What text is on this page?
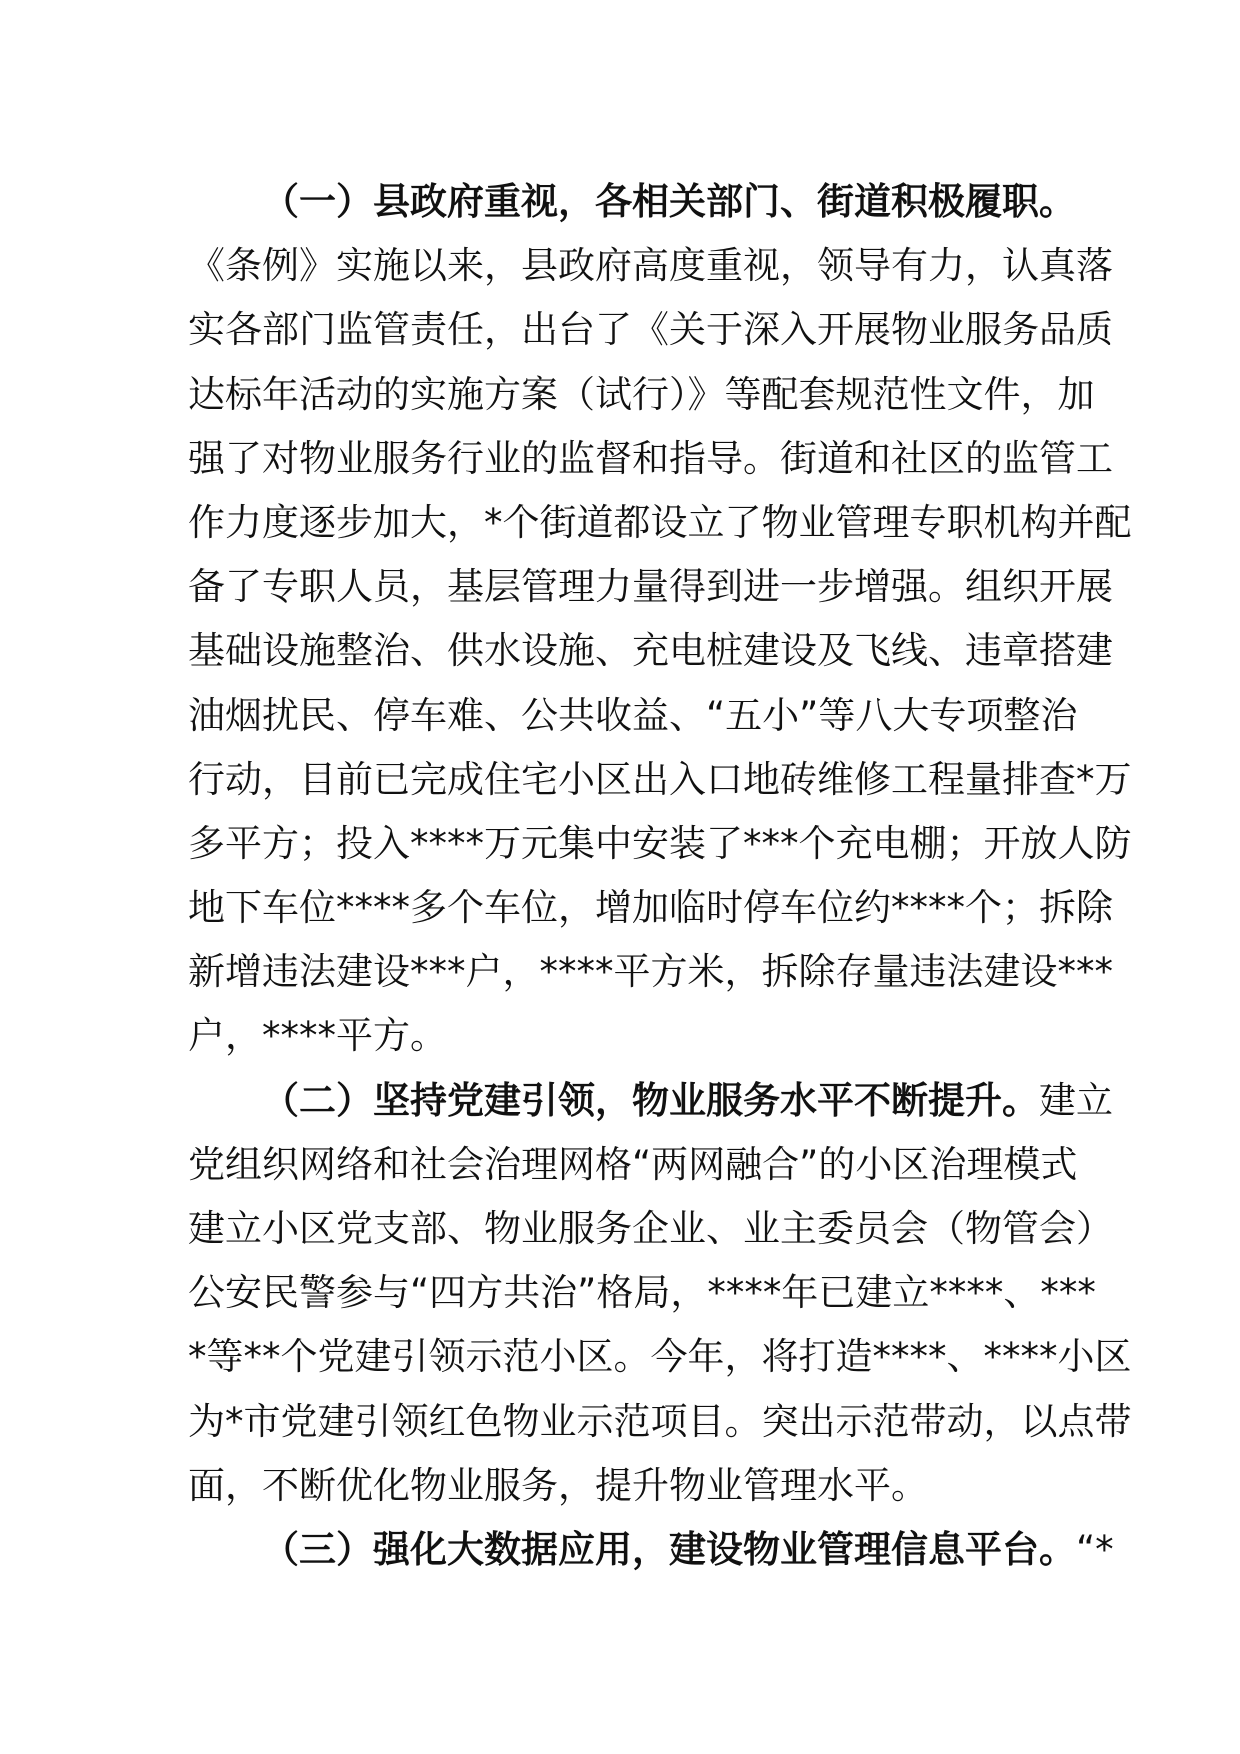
（一）县政府重视，各相关部门、街道积极履职。
《条例》实施以来，县政府高度重视，领导有力，认真落
实各部门监管责任，出台了《关于深入开展物业服务品质
达标年活动的实施方案（试行）》等配套规范性文件，加
强了对物业服务行业的监督和指导。街道和社区的监管工
作力度逐步加大，*个街道都设立了物业管理专职机构并配
备了专职人员，基层管理力量得到进一步增强。组织开展
基础设施整治、供水设施、充电桩建设及飞线、违章搭建
油烟扰民、停车难、公共收益、“五小”等八大专项整治
行动，目前已完成住宅小区出入口地砖维修工程量排查*万
多平方；投入****万元集中安装了***个充电棚；开放人防
地下车位****多个车位，增加临时停车位约****个；拆除
新增违法建设***户，****平方米，拆除存量违法建设***
户，****平方。
（二）坚持党建引领，物业服务水平不断提升。建立
党组织网络和社会治理网格“两网融合”的小区治理模式
建立小区党支部、物业服务企业、业主委员会（物管会）
公安民警参与“四方共治”格局，****年已建立****、***
*等**个党建引领示范小区。今年，将打造****、****小区
为*市党建引领红色物业示范项目。突出示范带动，以点带
面，不断优化物业服务，提升物业管理水平。
（三）强化大数据应用，建设物业管理信息平台。“*
